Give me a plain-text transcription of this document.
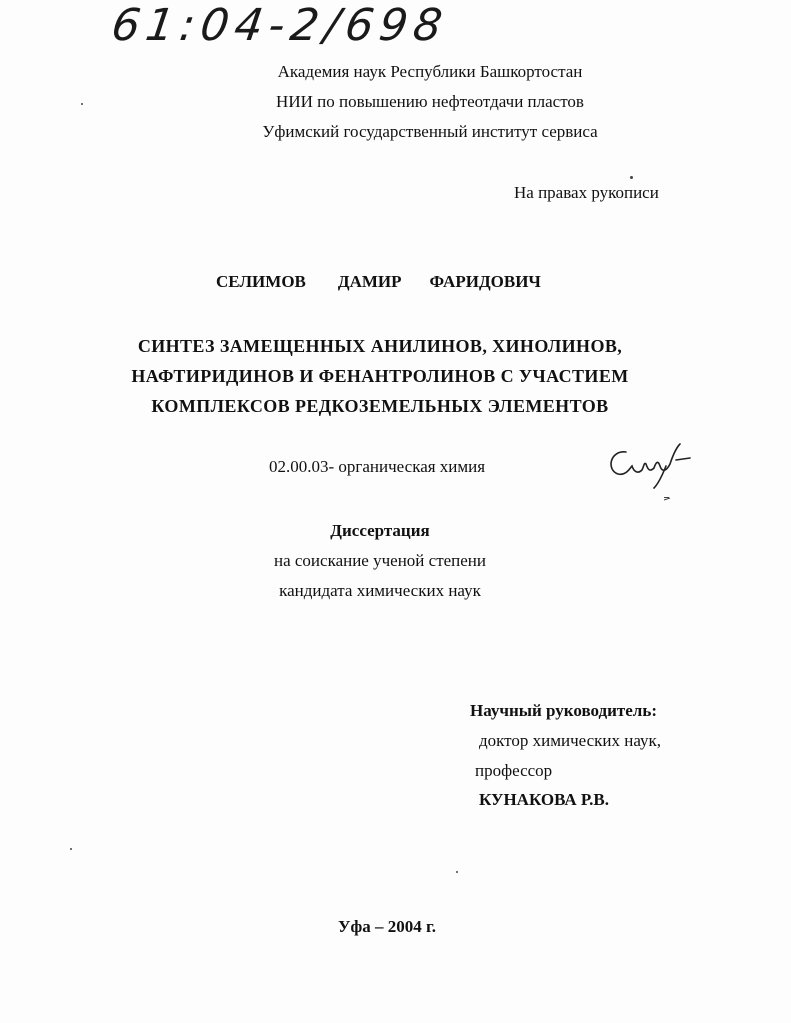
61:04-2/698
Академия наук Республики Башкортостан
НИИ по повышению нефтеотдачи пластов
Уфимский государственный институт сервиса
На правах рукописи
СЕЛИМОВ ДАМИР ФАРИДОВИЧ
СИНТЕЗ ЗАМЕЩЕННЫХ АНИЛИНОВ, ХИНОЛИНОВ,
НАФТИРИДИНОВ И ФЕНАНТРОЛИНОВ С УЧАСТИЕМ
КОМПЛЕКСОВ РЕДКОЗЕМЕЛЬНЫХ ЭЛЕМЕНТОВ
02.00.03- органическая химия
Диссертация
на соискание ученой степени
кандидата химических наук
Научный руководитель:
доктор химических наук,
профессор
КУНАКОВА Р.В.
Уфа – 2004 г.
